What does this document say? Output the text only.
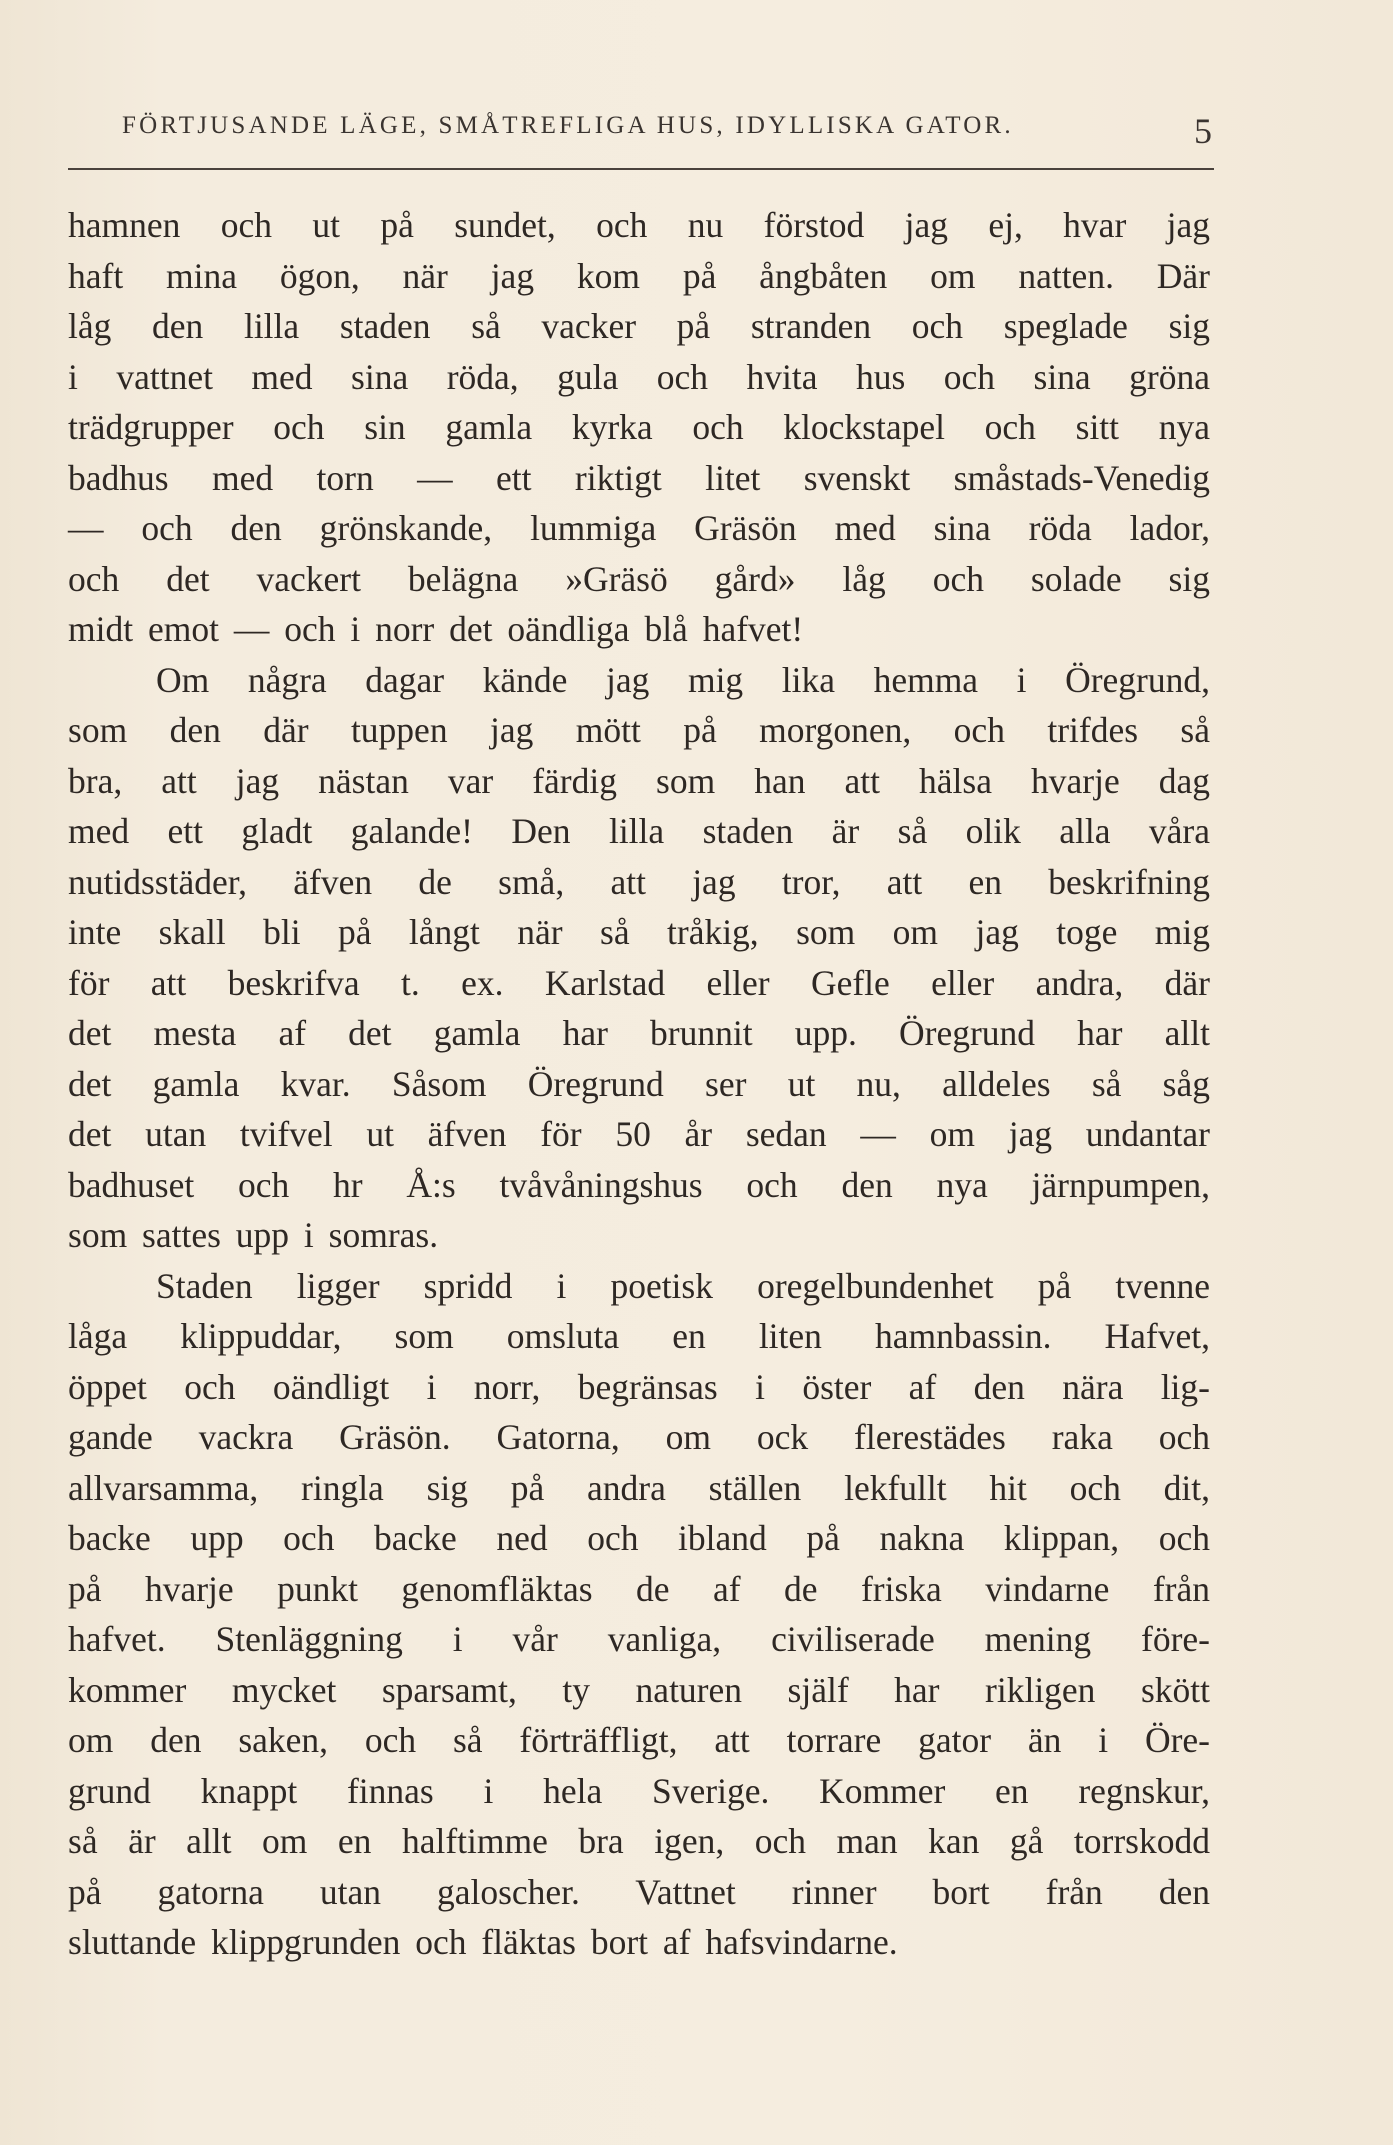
FÖRTJUSANDE LÄGE, SMÅTREFLIGA HUS, IDYLLISKA GATOR.	5
hamnen och ut på sundet, och nu förstod jag ej, hvar jag
haft mina ögon, när jag kom på ångbåten om natten. Där
låg den lilla staden så vacker på stranden och speglade sig
i vattnet med sina röda, gula och hvita hus och sina gröna
trädgrupper och sin gamla kyrka och klockstapel och sitt nya
badhus med torn — ett riktigt litet svenskt småstads-Venedig
— och den grönskande, lummiga Gräsön med sina röda lador,
och det vackert belägna »Gräsö gård» låg och solade sig
midt emot — och i norr det oändliga blå hafvet!
Om några dagar kände jag mig lika hemma i Öregrund,
som den där tuppen jag mött på morgonen, och trifdes så
bra, att jag nästan var färdig som han att hälsa hvarje dag
med ett gladt galande! Den lilla staden är så olik alla våra
nutidsstäder, äfven de små, att jag tror, att en beskrifning
inte skall bli på långt när så tråkig, som om jag toge mig
för att beskrifva t. ex. Karlstad eller Gefle eller andra, där
det mesta af det gamla har brunnit upp. Öregrund har allt
det gamla kvar. Såsom Öregrund ser ut nu, alldeles så såg
det utan tvifvel ut äfven för 50 år sedan — om jag undantar
badhuset och hr Å:s tvåvåningshus och den nya järnpumpen,
som sattes upp i somras.
Staden ligger spridd i poetisk oregelbundenhet på tvenne
låga klippuddar, som omsluta en liten hamnbassin. Hafvet,
öppet och oändligt i norr, begränsas i öster af den nära lig-
gande vackra Gräsön. Gatorna, om ock flerestädes raka och
allvarsamma, ringla sig på andra ställen lekfullt hit och dit,
backe upp och backe ned och ibland på nakna klippan, och
på hvarje punkt genomfläktas de af de friska vindarne från
hafvet. Stenläggning i vår vanliga, civiliserade mening före-
kommer mycket sparsamt, ty naturen själf har rikligen skött
om den saken, och så förträffligt, att torrare gator än i Öre-
grund knappt finnas i hela Sverige. Kommer en regnskur,
så är allt om en halftimme bra igen, och man kan gå torrskodd
på gatorna utan galoscher. Vattnet rinner bort från den
sluttande klippgrunden och fläktas bort af hafsvindarne.
